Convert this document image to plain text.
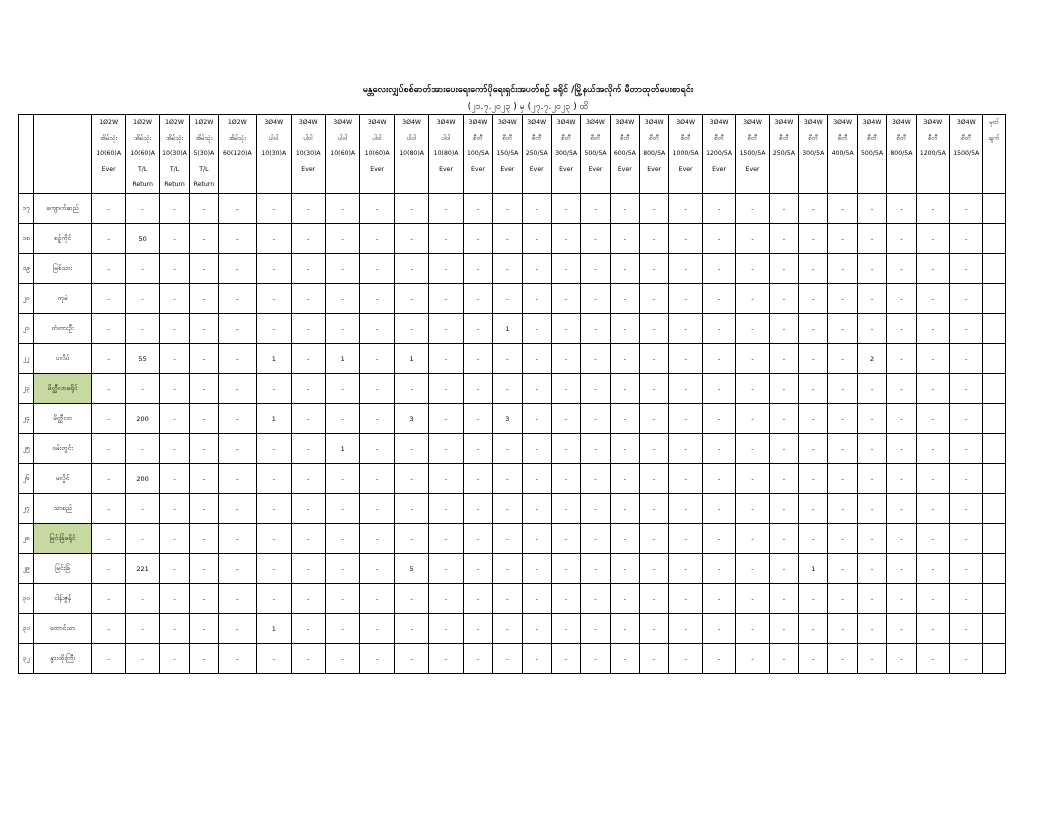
မန္တလေးလျှပ်စစ်ဓာတ်အားပေးရေးကော်ပိုရေးရှင်းအပတ်စဉ် ခရိုင် /မြို့နယ်အလိုက် မီတာထုတ်ပေးစာရင်း
(၂၁.၇.၂၀၂၃ ) မှ (၂၇.၇.၂၀၂၃ ) ထိ

		1Ø2W
အိမ်သုံး
10(60)A
Ever	1Ø2W
အိမ်သုံး
10(60)A
T/L
Return	1Ø2W
အိမ်သုံး
10(30)A
T/L
Return	1Ø2W
အိမ်သုံး
5(30)A
T/L
Return	1Ø2W
အိမ်သုံး
60(120)A	3Ø4W
ပါဝါ
10(30)A	3Ø4W
ပါဝါ
10(30)A
Ever	3Ø4W
ပါဝါ
10(60)A	3Ø4W
ပါဝါ
10(60)A
Ever	3Ø4W
ပါဝါ
10(80)A	3Ø4W
ပါဝါ
10(80)A
Ever	3Ø4W
စီတီ
100/5A
Ever	3Ø4W
စီတီ
150/5A
Ever	3Ø4W
စီတီ
250/5A
Ever	3Ø4W
စီတီ
300/5A
Ever	3Ø4W
စီတီ
500/5A
Ever	3Ø4W
စီတီ
600/5A
Ever	3Ø4W
စီတီ
800/5A
Ever	3Ø4W
စီတီ
1000/5A
Ever	3Ø4W
စီတီ
1200/5A
Ever	3Ø4W
စီတီ
1500/5A
Ever	3Ø4W
စီတီ
250/5A	3Ø4W
စီတီ
300/5A	3Ø4W
စီတီ
400/5A	3Ø4W
စီတီ
500/5A	3Ø4W
စီတီ
800/5A	3Ø4W
စီတီ
1200/5A	3Ø4W
စီတီ
1500/5A	မှတ်
ချက်

၁၇	ကျောက်ဆည်	-	-	-	-	-	-	-	-	-	-	-	-	-	-	-	-	-	-	-	-	-	-	-	-	-	-	-	-	
၁၈	စဉ့်ကိုင်	-	50	-	-	-	-	-	-	-	-	-	-	-	-	-	-	-	-	-	-	-	-	-	-	-	-	-	-	
၁၉	မြစ်သား	-	-	-	-	-	-	-	-	-	-	-	-	-	-	-	-	-	-	-	-	-	-	-	-	-	-	-	-	
၂၀	ကုမဲ	-	-	-	-	-	-	-	-	-	-	-	-	-	-	-	-	-	-	-	-	-	-	-	-	-	-	-	-	
၂၁	တံတားဦး	-	-	-	-	-	-	-	-	-	-	-	-	1	-	-	-	-	-	-	-	-	-	-	-	-	-	-	-	
၂၂	ပလိပ်	-	55	-	-	-	1	-	1	-	1	-	-	-	-	-	-	-	-	-	-	-	-	-	-	2	-	-	-	
၂၃	မိတ္ထီလာခရိုင်	-	-	-	-	-	-	-	-	-	-	-	-	-	-	-	-	-	-	-	-	-	-	-	-	-	-	-	-	
၂၄	မိတ္ထီလာ	-	200	-	-	-	1	-	-	-	3	-	-	3	-	-	-	-	-	-	-	-	-	-	-	-	-	-	-	
၂၅	ဝမ်းတွင်း	-	-	-	-	-	-	-	1	-	-	-	-	-	-	-	-	-	-	-	-	-	-	-	-	-	-	-	-	
၂၆	မလှိုင်	-	200	-	-	-	-	-	-	-	-	-	-	-	-	-	-	-	-	-	-	-	-	-	-	-	-	-	-	
၂၇	သာစည်	-	-	-	-	-	-	-	-	-	-	-	-	-	-	-	-	-	-	-	-	-	-	-	-	-	-	-	-	
၂၈	မြင်းခြံခရိုင်	-	-	-	-	-	-	-	-	-	-	-	-	-	-	-	-	-	-	-	-	-	-	-	-	-	-	-	-	
၂၉	မြင်းခြံ	-	221	-	-	-	-	-	-	-	5	-	-	-	-	-	-	-	-	-	-	-	-	1	-	-	-	-	-	
၃၀	ငါန်းဇွန်	-	-	-	-	-	-	-	-	-	-	-	-	-	-	-	-	-	-	-	-	-	-	-	-	-	-	-	-	
၃၁	တောင်သာ	-	-	-	-	-	1	-	-	-	-	-	-	-	-	-	-	-	-	-	-	-	-	-	-	-	-	-	-	
၃၂	နွားထိုးကြီး	-	-	-	-	-	-	-	-	-	-	-	-	-	-	-	-	-	-	-	-	-	-	-	-	-	-	-	-	
